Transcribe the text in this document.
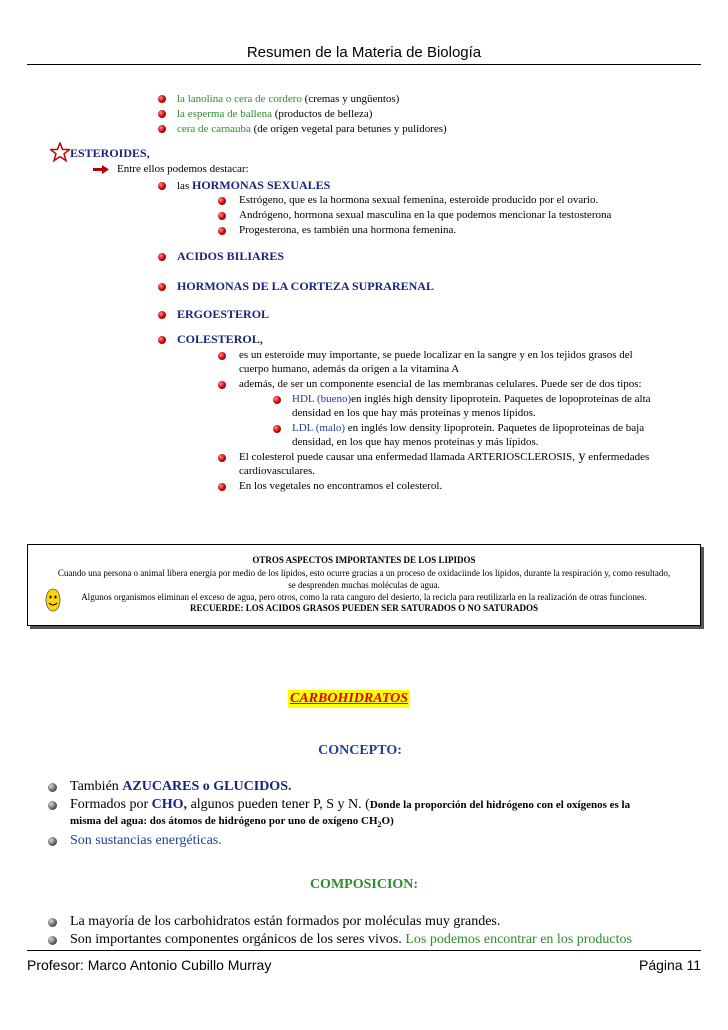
Resumen de la Materia de Biología
la lanolina o cera de cordero (cremas y ungüentos)
la esperma de ballena (productos de belleza)
cera de carnauba (de origen vegetal para betunes y pulidores)
ESTEROIDES,
Entre ellos podemos destacar:
las HORMONAS SEXUALES
Estrógeno, que es la hormona sexual femenina, esteroide producido por el ovario.
Andrógeno, hormona sexual masculina en la que podemos mencionar la testosterona
Progesterona, es también una hormona femenina.
ACIDOS BILIARES
HORMONAS DE LA CORTEZA SUPRARENAL
ERGOESTEROL
COLESTEROL,
es un esteroide muy importante, se puede localizar en la sangre y en los tejidos grasos del
cuerpo humano, además da origen a la vitamina A
además, de ser un componente esencial de las membranas celulares. Puede ser de dos tipos:
HDL (bueno)en inglés high density lipoprotein. Paquetes de lopoproteínas de alta
densidad en los que hay más proteínas y menos lípidos.
LDL (malo) en inglés low density lipoprotein. Paquetes de lipoproteinas de baja
densidad, en los que hay menos proteínas y más lípidos.
El colesterol puede causar una enfermedad llamada ARTERIOSCLEROSIS, y enfermedades
cardiovasculares.
En los vegetales no encontramos el colesterol.
OTROS ASPECTOS IMPORTANTES DE LOS LIPIDOS
Cuando una persona o animal libera energía por medio de los lípidos, esto ocurre gracias a un proceso de oxidaciinde los lípidos, durante la respiración y, como resultado,
se desprenden muchas moléculas de agua.
Algunos organismos eliminan el exceso de agua, pero otros, como la rata canguro del desierto, la recicla para reutilizarla en la realización de otras funciones.
RECUERDE: LOS ACIDOS GRASOS PUEDEN SER SATURADOS O NO SATURADOS
CARBOHIDRATOS
CONCEPTO:
También AZUCARES o GLUCIDOS.
Formados por CHO, algunos pueden tener P, S y N. (Donde la proporción del hidrógeno con el oxígenos es la
misma del agua: dos átomos de hidrógeno por uno de oxígeno $CH_2O$)
Son sustancias energéticas.
COMPOSICION:
La mayoría de los carbohidratos están formados por moléculas muy grandes.
Son importantes componentes orgánicos de los seres vivos. Los podemos encontrar en los productos
Profesor: Marco Antonio Cubillo Murray	Página 11
